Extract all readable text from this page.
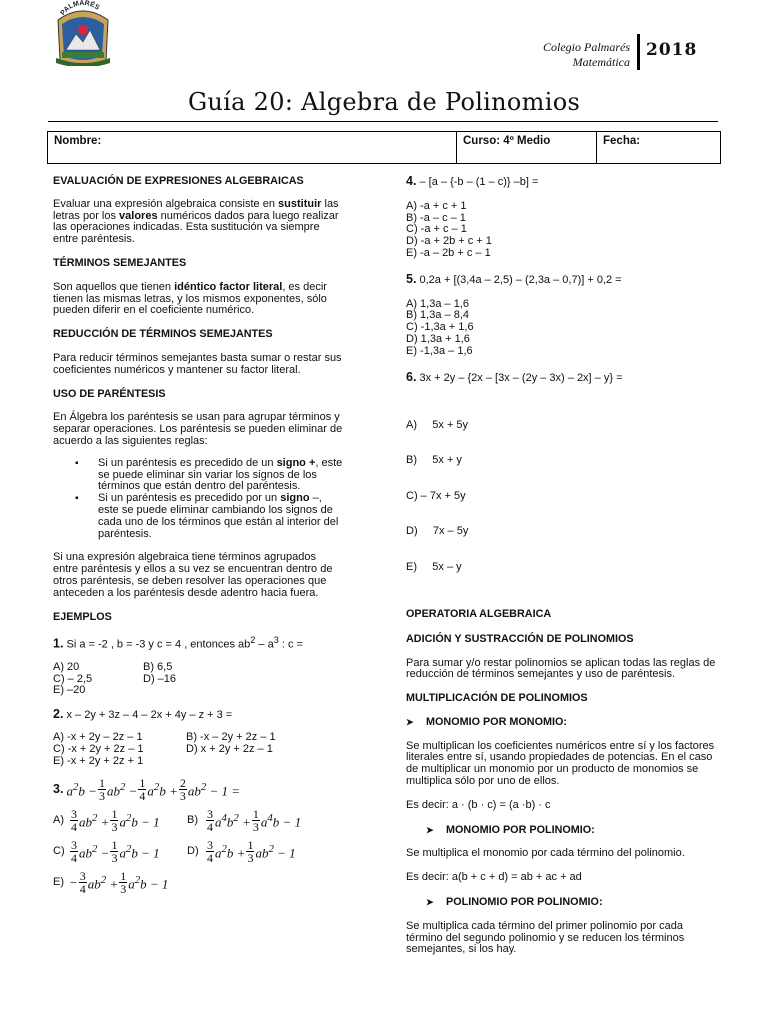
PALMARÉS
Colegio Palmarés
Matemática
2018
Guía 20: Algebra de Polinomios
Nombre:	Curso: 4º Medio	Fecha:

EVALUACIÓN DE EXPRESIONES ALGEBRAICAS

Evaluar una expresión algebraica consiste en sustituir las letras por los valores numéricos dados para luego realizar las operaciones indicadas. Esta sustitución va siempre entre paréntesis.

TÉRMINOS SEMEJANTES

Son aquellos que tienen idéntico factor literal, es decir tienen las mismas letras, y los mismos exponentes, sólo pueden diferir en el coeficiente numérico.

REDUCCIÓN DE TÉRMINOS SEMEJANTES

Para reducir términos semejantes basta sumar o restar sus coeficientes numéricos y mantener su factor literal.

USO DE PARÉNTESIS

En Álgebra los paréntesis se usan para agrupar términos y separar operaciones. Los paréntesis se pueden eliminar de acuerdo a las siguientes reglas:

▪ Si un paréntesis es precedido de un signo +, este se puede eliminar sin variar los signos de los términos que están dentro del paréntesis.
▪ Si un paréntesis es precedido por un signo –, este se puede eliminar cambiando los signos de cada uno de los términos que están al interior del paréntesis.

Si una expresión algebraica tiene términos agrupados entre paréntesis y ellos a su vez se encuentran dentro de otros paréntesis, se deben resolver las operaciones que anteceden a los paréntesis desde adentro hacia fuera.

EJEMPLOS

1. Si a = -2 , b = -3 y c = 4 , entonces $ab^2 - a^3$ : c =

A) 20	B) 6,5
C) – 2,5	D) –16
E) –20

2. x – 2y + 3z – 4 – 2x + 4y – z + 3 =

A) -x + 2y – 2z – 1	B) -x – 2y + 2z – 1
C) -x + 2y + 2z – 1	D) x + 2y + 2z – 1
E) -x + 2y + 2z + 1
3.
$a^2b - \frac{1}{3} ab^2 - \frac{1}{4} a^2b + \frac{2}{3} ab^2 - 1$ =
$A) \frac{3}{4} ab^2 + \frac{1}{3} a^2b - 1$ $B) \frac{3}{4} a^4b^2 + \frac{1}{3} a^4b - 1$
$C) \frac{3}{4} ab^2 - \frac{1}{3} a^2b - 1$ $D) \frac{3}{4} a^2b + \frac{1}{3} ab^2 - 1$
$E) - \frac{3}{4} ab^2 + \frac{1}{3} a^2b - 1$

4. – [a – {-b – (1 – c)} –b] =

A) -a + c + 1
B) -a – c – 1
C) -a + c – 1
D) -a + 2b + c + 1
E) -a – 2b + c – 1

5. 0,2a + [(3,4a – 2,5) – (2,3a – 0,7)] + 0,2 =

A) 1,3a – 1,6
B) 1,3a – 8,4
C) -1,3a + 1,6
D) 1,3a + 1,6
E) -1,3a – 1,6

6. 3x + 2y – {2x – [3x – (2y – 3x) – 2x] – y} =

A)     5x + 5y

B)     5x + y

C) – 7x + 5y

D)     7x – 5y

E)     5x – y

OPERATORIA ALGEBRAICA

ADICIÓN Y SUSTRACCIÓN DE POLINOMIOS

Para sumar y/o restar polinomios se aplican todas las reglas de reducción de términos semejantes y uso de paréntesis.

MULTIPLICACIÓN DE POLINOMIOS

➤ MONOMIO POR MONOMIO:

Se multiplican los coeficientes numéricos entre sí y los factores literales entre sí, usando propiedades de potencias. En el caso de multiplicar un monomio por un producto de monomios se multiplica sólo por uno de ellos.

Es decir: a · (b · c) = (a ·b) · c

➤ MONOMIO POR POLINOMIO:

Se multiplica el monomio por cada término del polinomio.

Es decir: a(b + c + d) = ab + ac + ad

➤ POLINOMIO POR POLINOMIO:

Se multiplica cada término del primer polinomio por cada término del segundo polinomio y se reducen los términos semejantes, si los hay.
